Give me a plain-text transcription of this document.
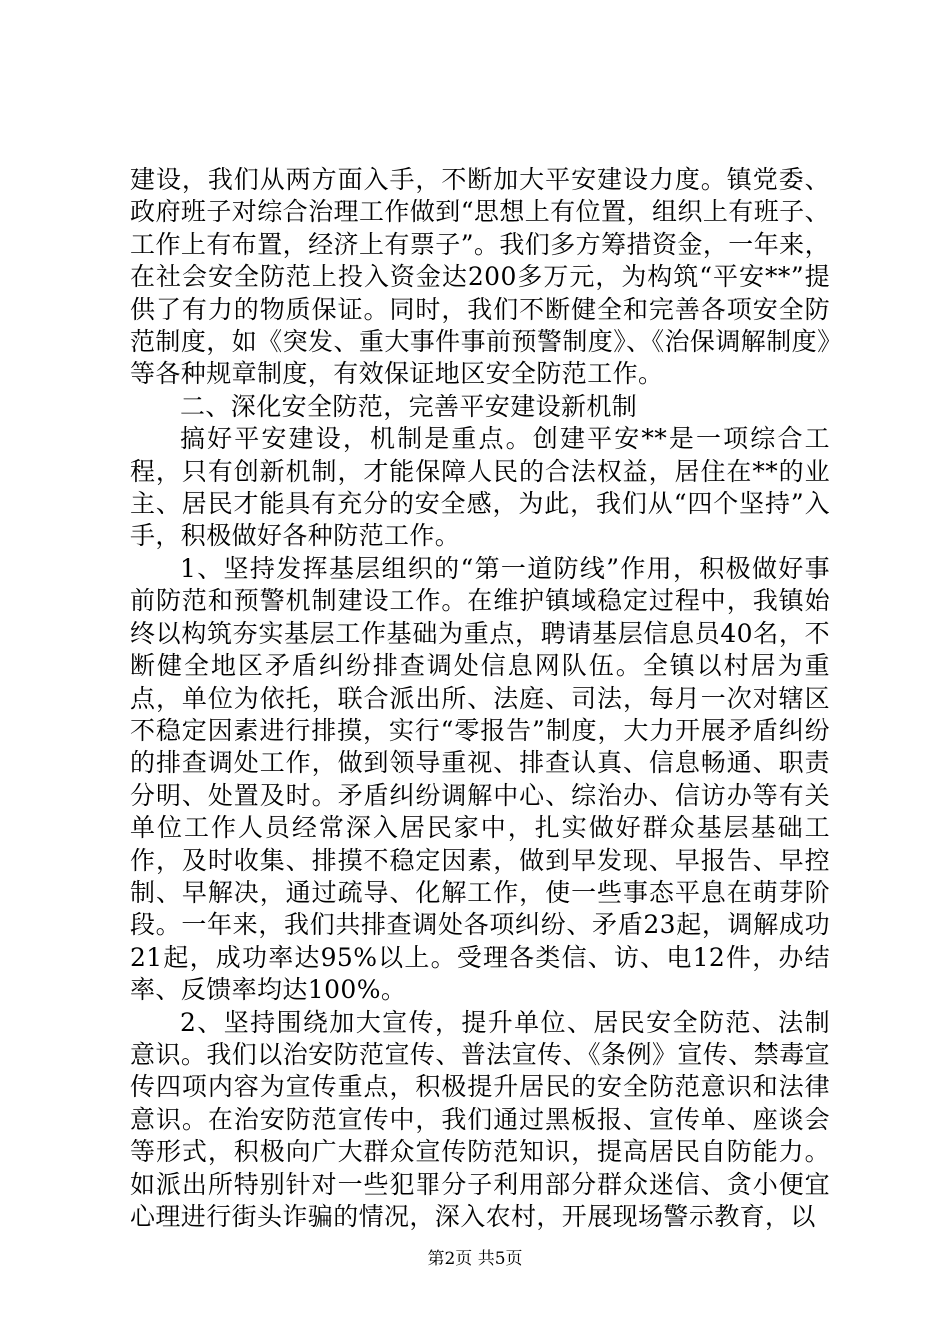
建设，我们从两方面入手，不断加大平安建设力度。镇党委、政府班子对综合治理工作做到“思想上有位置，组织上有班子、工作上有布置，经济上有票子”。我们多方筹措资金，一年来，在社会安全防范上投入资金达200多万元，为构筑“平安**”提供了有力的物质保证。同时，我们不断健全和完善各项安全防范制度，如《突发、重大事件事前预警制度》、《治保调解制度》等各种规章制度，有效保证地区安全防范工作。

二、深化安全防范，完善平安建设新机制

搞好平安建设，机制是重点。创建平安**是一项综合工程，只有创新机制，才能保障人民的合法权益，居住在**的业主、居民才能具有充分的安全感，为此，我们从“四个坚持”入手，积极做好各种防范工作。

1、坚持发挥基层组织的“第一道防线”作用，积极做好事前防范和预警机制建设工作。在维护镇域稳定过程中，我镇始终以构筑夯实基层工作基础为重点，聘请基层信息员40名，不断健全地区矛盾纠纷排查调处信息网队伍。全镇以村居为重点，单位为依托，联合派出所、法庭、司法，每月一次对辖区不稳定因素进行排摸，实行“零报告”制度，大力开展矛盾纠纷的排查调处工作，做到领导重视、排查认真、信息畅通、职责分明、处置及时。矛盾纠纷调解中心、综治办、信访办等有关单位工作人员经常深入居民家中，扎实做好群众基层基础工作，及时收集、排摸不稳定因素，做到早发现、早报告、早控制、早解决，通过疏导、化解工作，使一些事态平息在萌芽阶段。一年来，我们共排查调处各项纠纷、矛盾23起，调解成功21起，成功率达95%以上。受理各类信、访、电12件，办结率、反馈率均达100%。

2、坚持围绕加大宣传，提升单位、居民安全防范、法制意识。我们以治安防范宣传、普法宣传、《条例》宣传、禁毒宣传四项内容为宣传重点，积极提升居民的安全防范意识和法律意识。在治安防范宣传中，我们通过黑板报、宣传单、座谈会等形式，积极向广大群众宣传防范知识，提高居民自防能力。如派出所特别针对一些犯罪分子利用部分群众迷信、贪小便宜心理进行街头诈骗的情况，深入农村，开展现场警示教育，以

第2页 共5页
